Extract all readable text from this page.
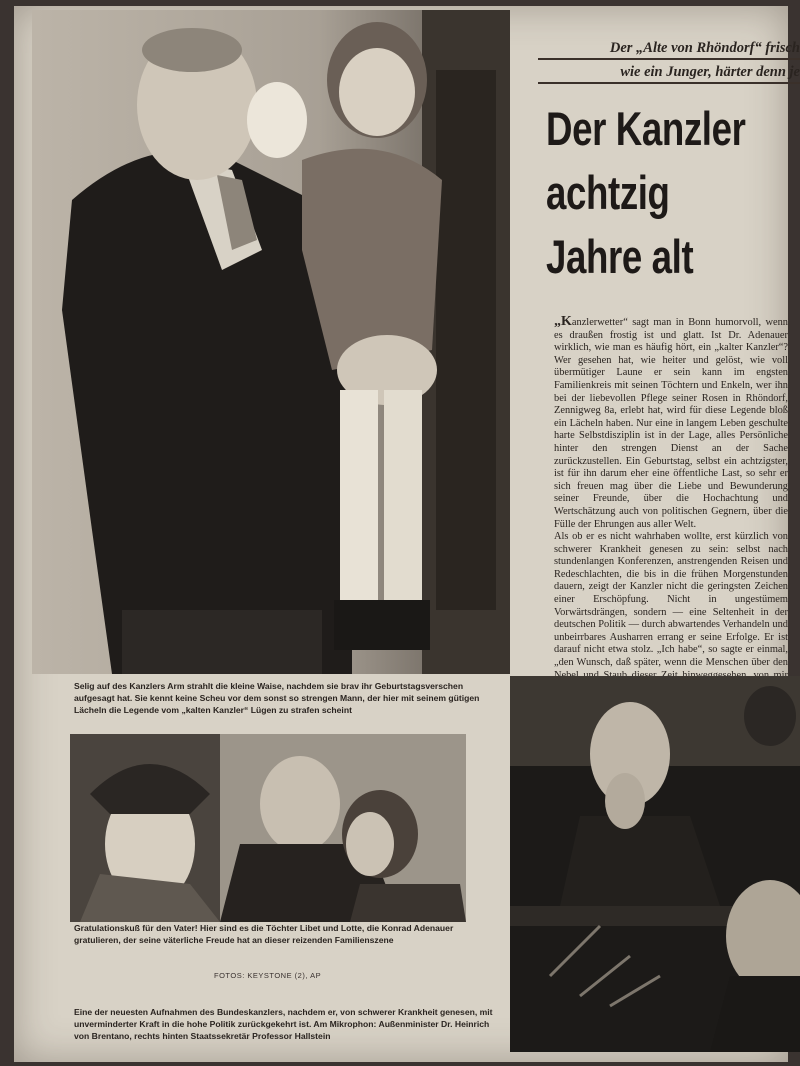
Der „Alte von Rhöndorf“ frisch
wie ein Junger, härter denn je
Der Kanzler
achtzig
Jahre alt

„Kanzlerwetter“ sagt man in Bonn humorvoll, wenn es draußen frostig ist und glatt. Ist Dr. Adenauer wirklich, wie man es häufig hört, ein „kalter Kanzler“? Wer gesehen hat, wie heiter und gelöst, wie voll übermütiger Laune er sein kann im engsten Familienkreis mit seinen Töchtern und Enkeln, wer ihn bei der liebevollen Pflege seiner Rosen in Rhöndorf, Zennigweg 8a, erlebt hat, wird für diese Legende bloß ein Lächeln haben. Nur eine in langem Leben geschulte harte Selbstdisziplin ist in der Lage, alles Persönliche hinter den strengen Dienst an der Sache zurückzustellen. Ein Geburtstag, selbst ein achtzigster, ist für ihn darum eher eine öffentliche Last, so sehr er sich freuen mag über die Liebe und Bewunderung seiner Freunde, über die Hochachtung und Wertschätzung auch von politischen Gegnern, über die Fülle der Ehrungen aus aller Welt.

Als ob er es nicht wahrhaben wollte, erst kürzlich von schwerer Krankheit genesen zu sein: selbst nach stundenlangen Konferenzen, anstrengenden Reisen und Redeschlachten, die bis in die frühen Morgenstunden dauern, zeigt der Kanzler nicht die geringsten Zeichen einer Erschöpfung. Nicht in ungestümem Vorwärtsdrängen, sondern — eine Seltenheit in der deutschen Politik — durch abwartendes Verhandeln und unbeirrbares Ausharren errang er seine Erfolge. Er ist darauf nicht etwa stolz. „Ich habe“, so sagte er einmal, „den Wunsch, daß später, wenn die Menschen über den

Selig auf des Kanzlers Arm strahlt die kleine Waise, nachdem sie brav ihr Geburtstagsverschen aufgesagt hat. Sie kennt keine Scheu vor dem sonst so strengen Mann, der hier mit seinem gütigen Lächeln die Legende vom „kalten Kanzler“ Lügen zu strafen scheint
Gratulationskuß für den Vater! Hier sind es die Töchter Libet und Lotte, die Konrad Adenauer gratulieren, der seine väterliche Freude hat an dieser reizenden Familienszene
FOTOS: KEYSTONE (2), AP
Eine der neuesten Aufnahmen des Bundeskanzlers, nachdem er, von schwerer Krankheit genesen, mit unverminderter Kraft in die hohe Politik zurückgekehrt ist. Am Mikrophon: Außenminister Dr. Heinrich von Brentano, rechts hinten Staatssekretär Professor Hallstein
